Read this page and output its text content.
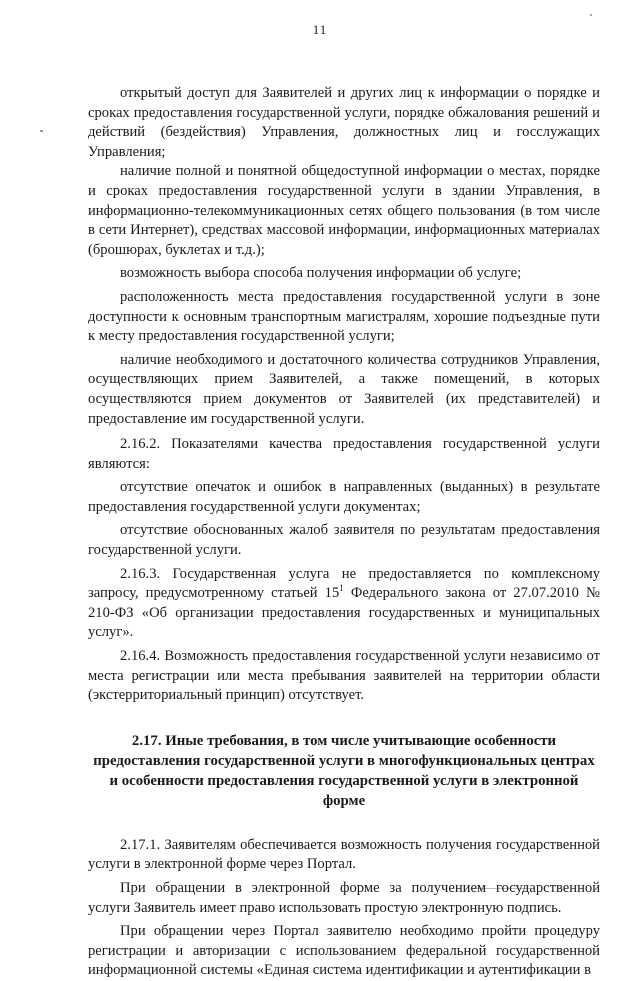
11

открытый доступ для Заявителей и других лиц к информации о порядке и сроках предоставления государственной услуги, порядке обжалования решений и действий (бездействия) Управления, должностных лиц и госслужащих Управления;

наличие полной и понятной общедоступной информации о местах, порядке и сроках предоставления государственной услуги в здании Управления, в информационно-телекоммуникационных сетях общего пользования (в том числе в сети Интернет), средствах массовой информации, информационных материалах (брошюрах, буклетах и т.д.);

возможность выбора способа получения информации об услуге;

расположенность места предоставления государственной услуги в зоне доступности к основным транспортным магистралям, хорошие подъездные пути к месту предоставления государственной услуги;

наличие необходимого и достаточного количества сотрудников Управления, осуществляющих прием Заявителей, а также помещений, в которых осуществляются прием документов от Заявителей (их представителей) и предоставление им государственной услуги.

2.16.2. Показателями качества предоставления государственной услуги являются:

отсутствие опечаток и ошибок в направленных (выданных) в результате предоставления государственной услуги документах;

отсутствие обоснованных жалоб заявителя по результатам предоставления государственной услуги.

2.16.3. Государственная услуга не предоставляется по комплексному запросу, предусмотренному статьей $15^1$ Федерального закона от 27.07.2010 № 210-ФЗ «Об организации предоставления государственных и муниципальных услуг».

2.16.4. Возможность предоставления государственной услуги независимо от места регистрации или места пребывания заявителей на территории области (экстерриториальный принцип) отсутствует.

2.17. Иные требования, в том числе учитывающие особенности предоставления государственной услуги в многофункциональных центрах и особенности предоставления государственной услуги в электронной форме

2.17.1. Заявителям обеспечивается возможность получения государственной услуги в электронной форме через Портал.

При обращении в электронной форме за получением государственной услуги Заявитель имеет право использовать простую электронную подпись.

При обращении через Портал заявителю необходимо пройти процедуру регистрации и авторизации с использованием федеральной государственной информационной системы «Единая система идентификации и аутентификации в
